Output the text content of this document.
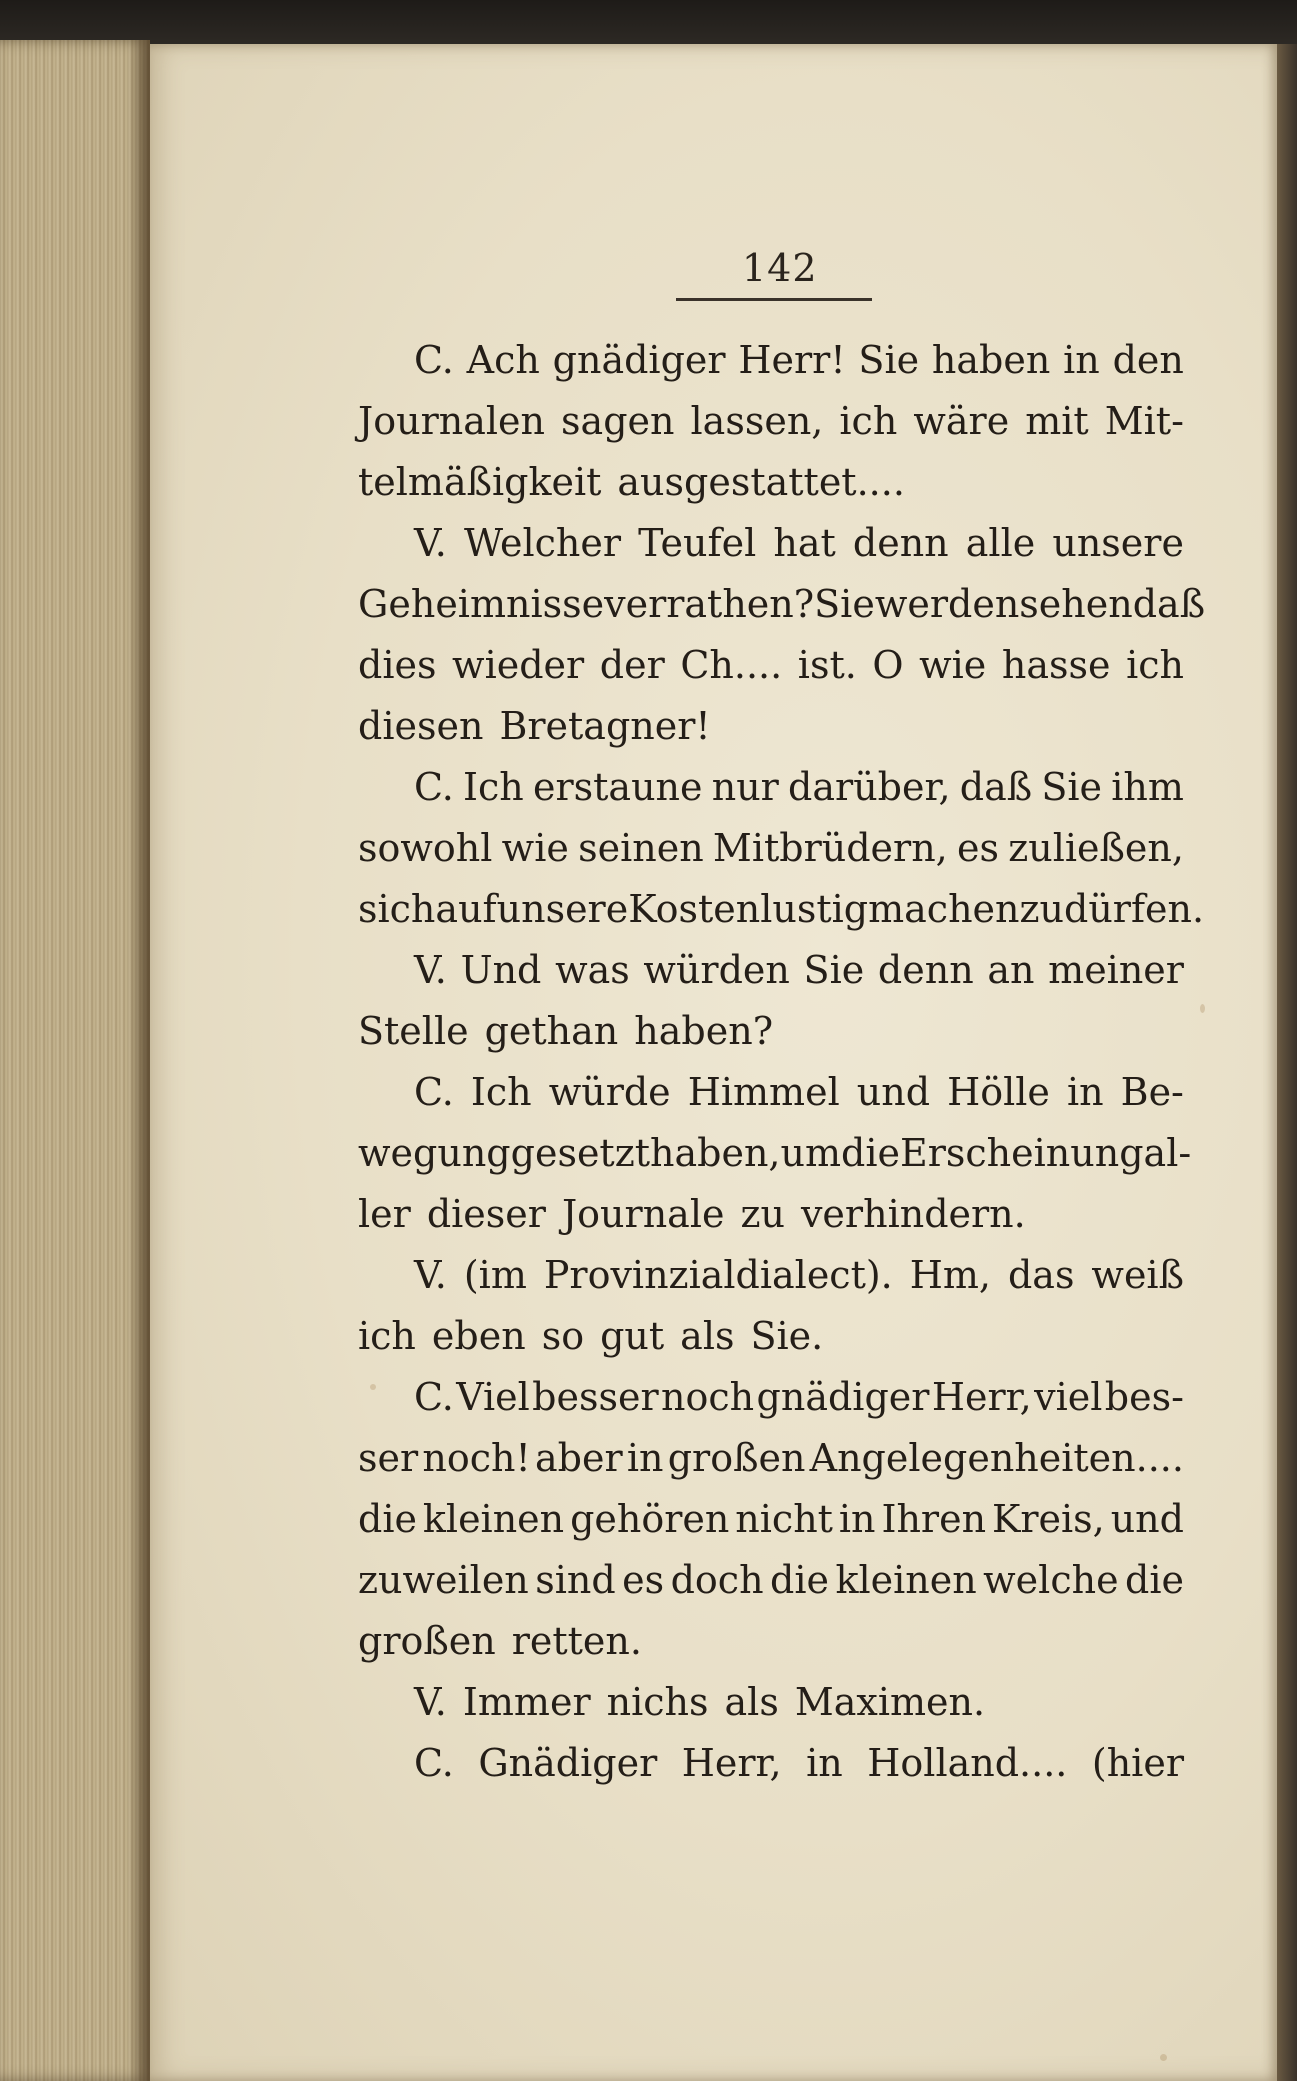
142
C. Ach gnädiger Herr! Sie haben in den
Journalen sagen lassen, ich wäre mit Mit-
telmäßigkeit ausgestattet....
V. Welcher Teufel hat denn alle unsere
Geheimnisse verrathen? Sie werden sehen daß
dies wieder der Ch.... ist. O wie hasse ich
diesen Bretagner!
C. Ich erstaune nur darüber, daß Sie ihm
sowohl wie seinen Mitbrüdern, es zuließen,
sich auf unsere Kosten lustig machen zu dürfen.
V. Und was würden Sie denn an meiner
Stelle gethan haben?
C. Ich würde Himmel und Hölle in Be-
wegung gesetzt haben, um die Erscheinung al-
ler dieser Journale zu verhindern.
V. (im Provinzialdialect). Hm, das weiß
ich eben so gut als Sie.
C. Viel besser noch gnädiger Herr, viel bes-
ser noch! aber in großen Angelegenheiten....
die kleinen gehören nicht in Ihren Kreis, und
zuweilen sind es doch die kleinen welche die
großen retten.
V. Immer nichs als Maximen.
C. Gnädiger Herr, in Holland.... (hier
